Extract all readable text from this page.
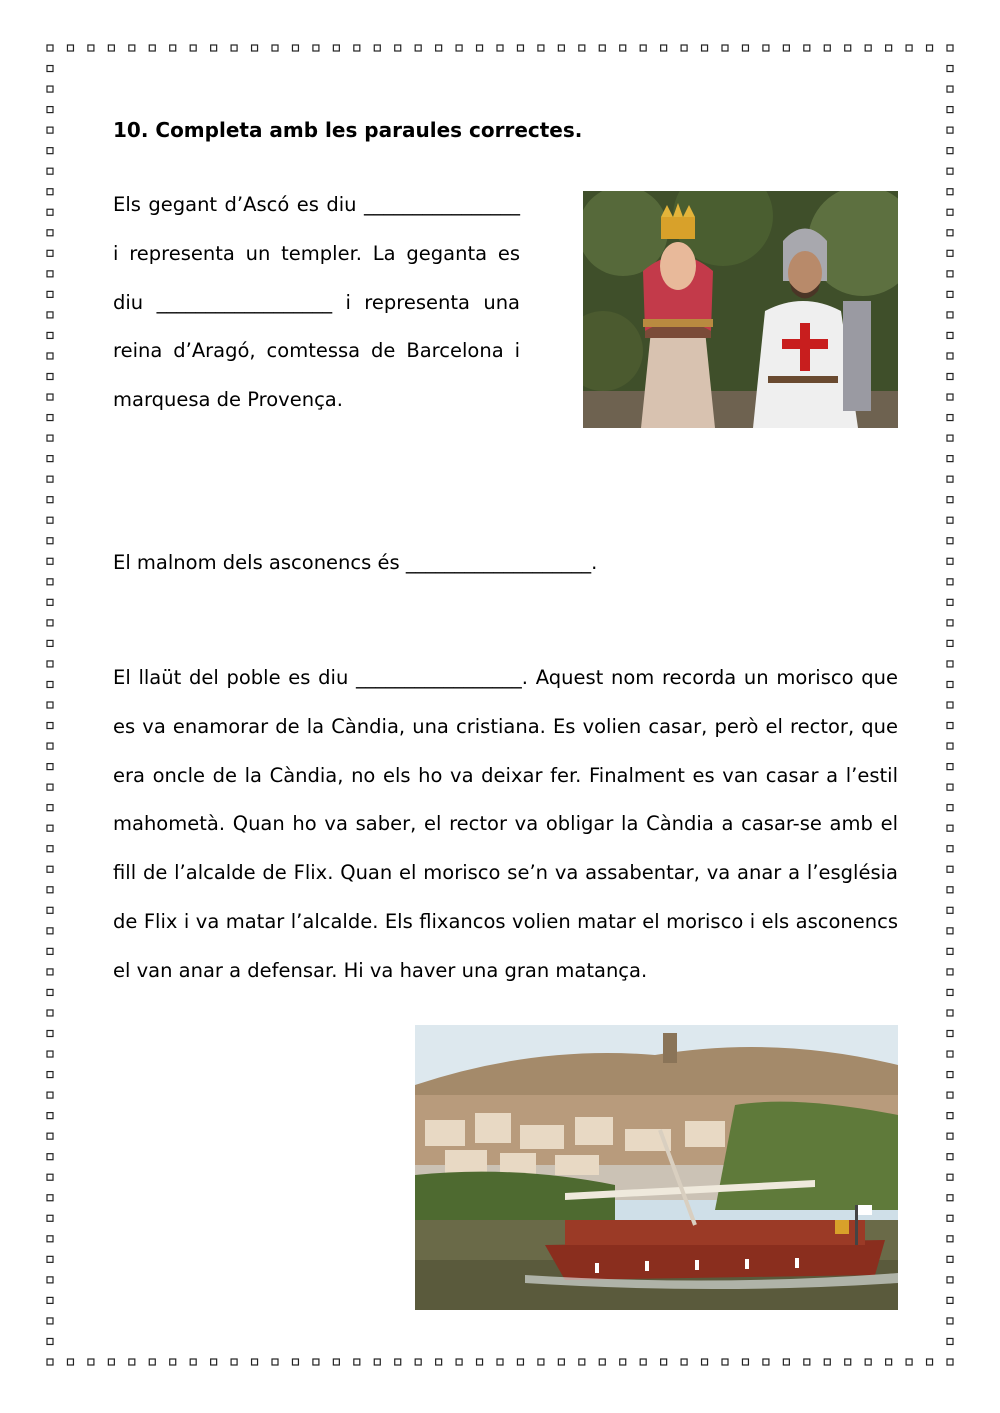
10. Completa amb les paraules correctes.

Els gegant d’Ascó es diu ________________ i representa un templer. La geganta es diu __________________ i representa una reina d’Aragó, comtessa de Barcelona i marquesa de Provença.

El malnom dels asconencs és ___________________.

El llaüt del poble es diu _________________. Aquest nom recorda un morisco que es va enamorar de la Càndia, una cristiana. Es volien casar, però el rector, que era oncle de la Càndia, no els ho va deixar fer. Finalment es van casar a l’estil mahometà. Quan ho va saber, el rector va obligar la Càndia a casar-se amb el fill de l’alcalde de Flix. Quan el morisco se’n va assabentar, va anar a l’església de Flix i va matar l’alcalde. Els flixancos volien matar el morisco i els asconencs el van anar a defensar. Hi va haver una gran matança.
